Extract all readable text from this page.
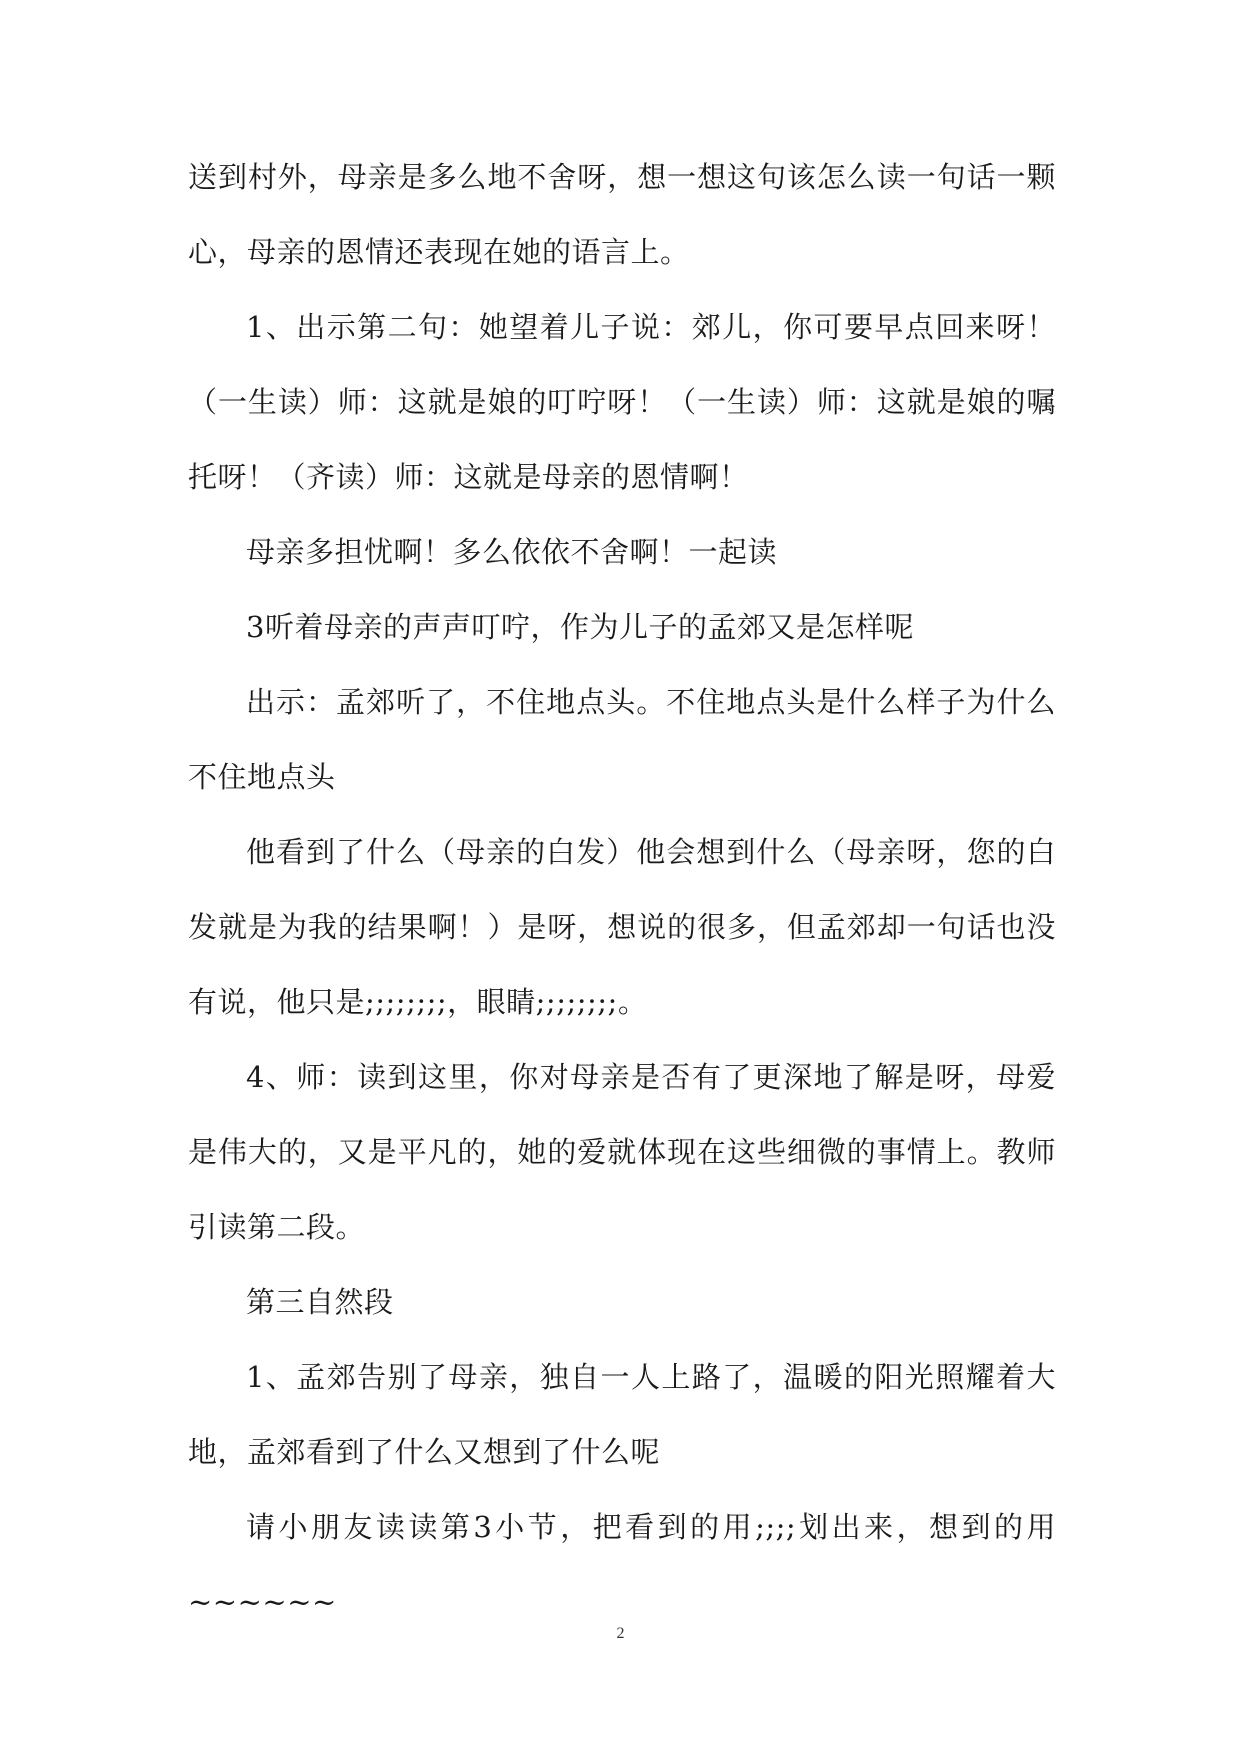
送到村外，母亲是多么地不舍呀，想一想这句该怎么读一句话一颗心，母亲的恩情还表现在她的语言上。

1、出示第二句：她望着儿子说：郊儿，你可要早点回来呀！（一生读）师：这就是娘的叮咛呀！（一生读）师：这就是娘的嘱托呀！（齐读）师：这就是母亲的恩情啊！

母亲多担忧啊！多么依依不舍啊！一起读

3听着母亲的声声叮咛，作为儿子的孟郊又是怎样呢

出示：孟郊听了，不住地点头。不住地点头是什么样子为什么不住地点头

他看到了什么（母亲的白发）他会想到什么（母亲呀，您的白发就是为我的结果啊！）是呀，想说的很多，但孟郊却一句话也没有说，他只是;;;;;;;;，眼睛;;;;;;;;。

4、师：读到这里，你对母亲是否有了更深地了解是呀，母爱是伟大的，又是平凡的，她的爱就体现在这些细微的事情上。教师引读第二段。

第三自然段

1、孟郊告别了母亲，独自一人上路了，温暖的阳光照耀着大地，孟郊看到了什么又想到了什么呢

请小朋友读读第3小节，把看到的用;;;;划出来，想到的用~~~~~~

2
